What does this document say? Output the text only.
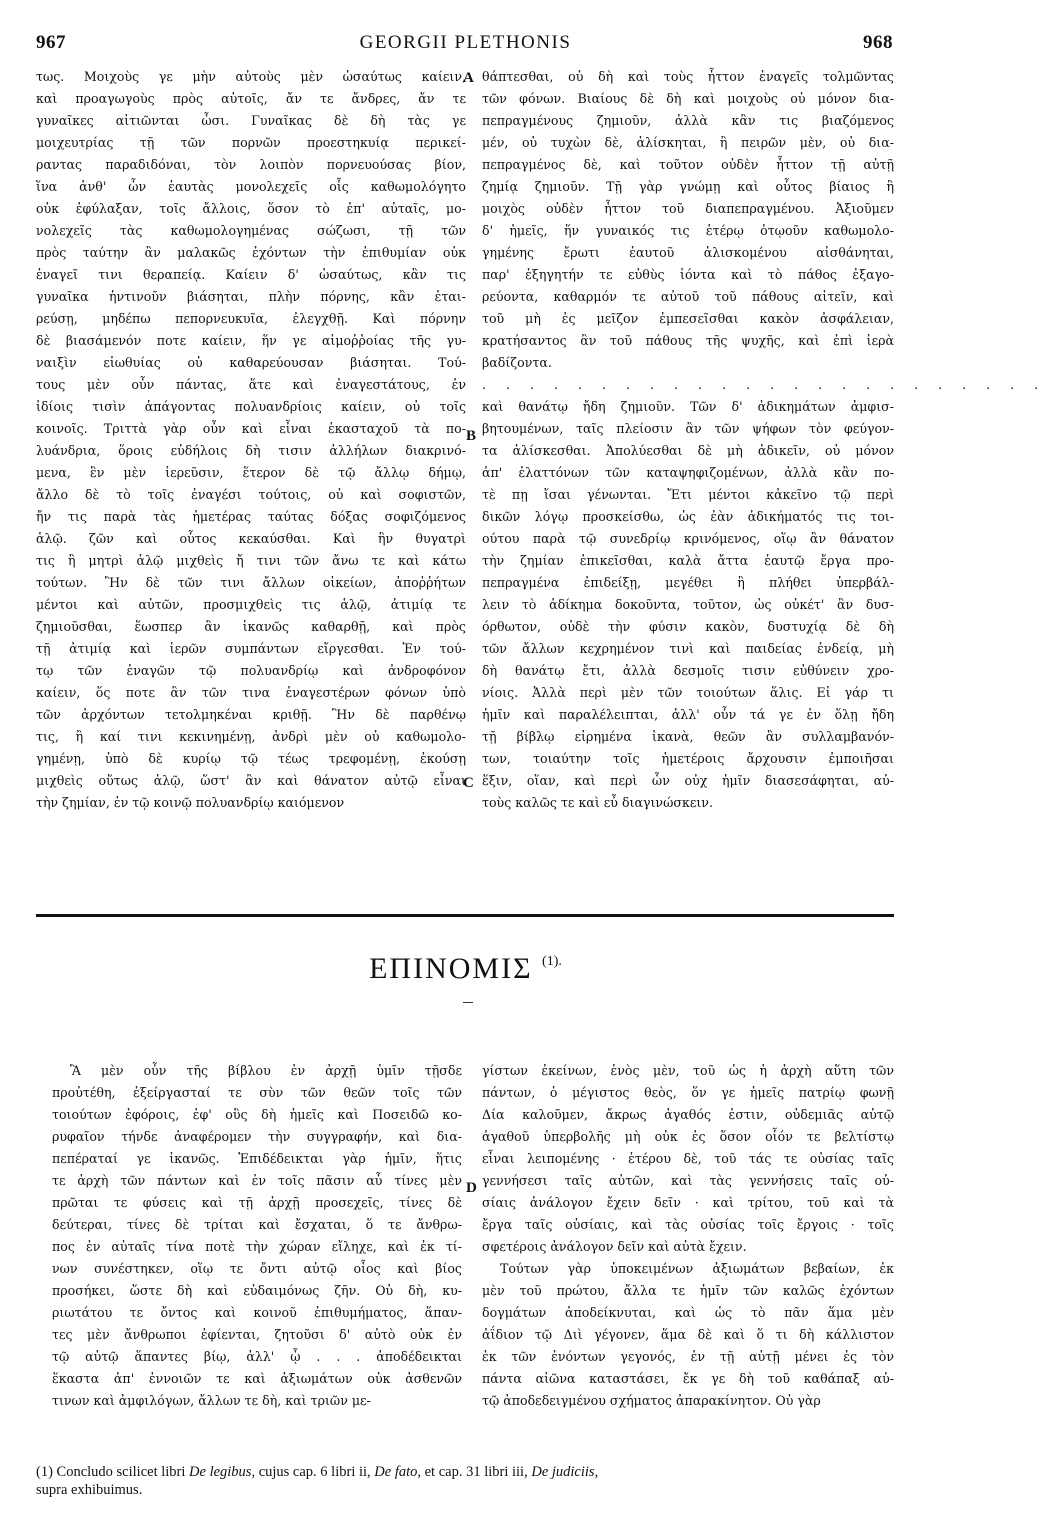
967	GEORGII PLETHONIS	968
A
B
C
D
τως. Μοιχοὺς γε μὴν αὐτοὺς μὲν ὡσαύτως καίειν,
καὶ προαγωγοὺς πρὸς αὐτοῖς, ἄν τε ἄνδρες, ἄν τε
γυναῖκες αἰτιῶνται ὦσι. Γυναῖκας δὲ δὴ τὰς γε
μοιχευτρίας τῇ τῶν πορνῶν προεστηκυίᾳ περικεί-
ραντας παραδιδόναι, τὸν λοιπὸν πορνευούσας βίον,
ἵνα ἀνθ' ὧν ἑαυτὰς μονολεχεῖς οἷς καθωμολόγητο
οὐκ ἐφύλαξαν, τοῖς ἄλλοις, ὅσον τὸ ἐπ' αὐταῖς, μο-
νολεχεῖς τὰς καθωμολογημένας σώζωσι, τῇ τῶν
πρὸς ταύτην ἂν μαλακῶς ἐχόντων τὴν ἐπιθυμίαν οὐκ
ἐναγεῖ τινι θεραπείᾳ. Καίειν δ' ὡσαύτως, κἂν τις
γυναῖκα ἡντινοῦν βιάσηται, πλὴν πόρνης, κἂν ἑται-
ρεύσῃ, μηδέπω πεπορνευκυῖα, ἐλεγχθῇ. Καὶ πόρνην
δὲ βιασάμενόν ποτε καίειν, ἥν γε αἱμοῤῥοίας τῆς γυ-
ναιξὶν εἰωθυίας οὐ καθαρεύουσαν βιάσηται. Τού-
τους μὲν οὖν πάντας, ἅτε καὶ ἐναγεστάτους, ἐν
ἰδίοις τισὶν ἀπάγοντας πολυανδρίοις καίειν, οὐ τοῖς
κοινοῖς. Τριττὰ γὰρ οὖν καὶ εἶναι ἑκασταχοῦ τὰ πο-
λυάνδρια, ὅροις εὐδήλοις δὴ τισιν ἀλλήλων διακρινό-
μενα, ἓν μὲν ἱερεῦσιν, ἕτερον δὲ τῷ ἄλλῳ δήμῳ,
ἄλλο δὲ τὸ τοῖς ἐναγέσι τούτοις, οὐ καὶ σοφιστῶν,
ἤν τις παρὰ τὰς ἡμετέρας ταύτας δόξας σοφιζόμενος
ἁλῷ. ζῶν καὶ οὗτος κεκαύσθαι. Καὶ ἣν θυγατρὶ
τις ἢ μητρὶ ἁλῷ μιχθεὶς ἤ τινι τῶν ἄνω τε καὶ κάτω
τούτων. Ἢν δὲ τῶν τινι ἄλλων οἰκείων, ἀποῤῥήτων
μέντοι καὶ αὐτῶν, προσμιχθεὶς τις ἁλῷ, ἀτιμίᾳ τε
ζημιοῦσθαι, ἕωσπερ ἂν ἱκανῶς καθαρθῇ, καὶ πρὸς
τῇ ἀτιμίᾳ καὶ ἱερῶν συμπάντων εἴργεσθαι. Ἐν τού-
τῳ τῶν ἐναγῶν τῷ πολυανδρίῳ καὶ ἀνδροφόνον
καίειν, ὅς ποτε ἂν τῶν τινα ἐναγεστέρων φόνων ὑπὸ
τῶν ἀρχόντων τετολμηκέναι κριθῇ. Ἢν δὲ παρθένῳ
τις, ἢ καί τινι κεκινημένῃ, ἀνδρὶ μὲν οὐ καθωμολο-
γημένῃ, ὑπὸ δὲ κυρίῳ τῷ τέως τρεφομένῃ, ἑκούσῃ
μιχθεὶς οὕτως ἁλῷ, ὥστ' ἂν καὶ θάνατον αὐτῷ εἶναι
τὴν ζημίαν, ἐν τῷ κοινῷ πολυανδρίῳ καιόμενον
θάπτεσθαι, οὐ δὴ καὶ τοὺς ἧττον ἐναγεῖς τολμῶντας
τῶν φόνων. Βιαίους δὲ δὴ καὶ μοιχοὺς οὐ μόνον δια-
πεπραγμένους ζημιοῦν, ἀλλὰ κἂν τις βιαζόμενος
μέν, οὐ τυχὼν δὲ, ἁλίσκηται, ἢ πειρῶν μὲν, οὐ δια-
πεπραγμένος δὲ, καὶ τοῦτον οὐδὲν ἧττον τῇ αὐτῇ
ζημίᾳ ζημιοῦν. Τῇ γὰρ γνώμῃ καὶ οὗτος βίαιος ἢ
μοιχὸς οὐδὲν ἧττον τοῦ διαπεπραγμένου. Ἀξιοῦμεν
δ' ἡμεῖς, ἥν γυναικός τις ἑτέρῳ ὁτῳοῦν καθωμολο-
γημένης ἔρωτι ἑαυτοῦ ἁλισκομένου αἰσθάνηται,
παρ' ἐξηγητήν τε εὐθὺς ἰόντα καὶ τὸ πάθος ἐξαγο-
ρεύοντα, καθαρμόν τε αὐτοῦ τοῦ πάθους αἰτεῖν, καὶ
τοῦ μὴ ἐς μεῖζον ἐμπεσεῖσθαι κακὸν ἀσφάλειαν,
κρατήσαντος ἂν τοῦ πάθους τῆς ψυχῆς, καὶ ἐπὶ ἱερὰ
βαδίζοντα.
. . . . . . . . . . . . . . . . . . . . . . . .
καὶ θανάτῳ ἤδη ζημιοῦν. Τῶν δ' ἀδικημάτων ἀμφισ-
βητουμένων, ταῖς πλείοσιν ἂν τῶν ψήφων τὸν φεύγον-
τα ἁλίσκεσθαι. Ἀπολύεσθαι δὲ μὴ ἀδικεῖν, οὐ μόνον
ἀπ' ἐλαττόνων τῶν καταψηφιζομένων, ἀλλὰ κἂν πο-
τὲ πῃ ἴσαι γένωνται. Ἔτι μέντοι κἀκεῖνο τῷ περὶ
δικῶν λόγῳ προσκείσθω, ὡς ἐὰν ἀδικήματός τις τοι-
ούτου παρὰ τῷ συνεδρίῳ κρινόμενος, οἵῳ ἂν θάνατον
τὴν ζημίαν ἐπικεῖσθαι, καλὰ ἄττα ἑαυτῷ ἔργα προ-
πεπραγμένα ἐπιδείξῃ, μεγέθει ἢ πλήθει ὑπερβάλ-
λειν τὸ ἀδίκημα δοκοῦντα, τοῦτον, ὡς οὐκέτ' ἂν δυσ-
όρθωτον, οὐδὲ τὴν φύσιν κακὸν, δυστυχίᾳ δὲ δὴ
τῶν ἄλλων κεχρημένον τινὶ καὶ παιδείας ἐνδείᾳ, μὴ
δὴ θανάτῳ ἔτι, ἀλλὰ δεσμοῖς τισιν εὐθύνειν χρο-
νίοις. Ἀλλὰ περὶ μὲν τῶν τοιούτων ἅλις. Εἰ γάρ τι
ἡμῖν καὶ παραλέλειπται, ἀλλ' οὖν τά γε ἐν ὅλῃ ἤδη
τῇ βίβλῳ εἰρημένα ἱκανὰ, θεῶν ἂν συλλαμβανόν-
των, τοιαύτην τοῖς ἡμετέροις ἄρχουσιν ἐμποιῆσαι
ἕξιν, οἵαν, καὶ περὶ ὧν οὐχ ἡμῖν διασεσάφηται, αὐ-
τοὺς καλῶς τε καὶ εὖ διαγινώσκειν.
ΕΠΙΝΟΜΙΣ $^{(1).}$
Ἃ μὲν οὖν τῆς βίβλου ἐν ἀρχῇ ὑμῖν τῇσδε
προὐτέθη, ἐξείργασταί τε σὺν τῶν θεῶν τοῖς τῶν
τοιούτων ἐφόροις, ἐφ' οὓς δὴ ἡμεῖς καὶ Ποσειδῶ κο-
ρυφαῖον τήνδε ἀναφέρομεν τὴν συγγραφήν, καὶ δια-
πεπέραταί γε ἱκανῶς. Ἐπιδέδεικται γὰρ ἡμῖν, ἥτις
τε ἀρχὴ τῶν πάντων καὶ ἐν τοῖς πᾶσιν αὖ τίνες μὲν
πρῶται τε φύσεις καὶ τῇ ἀρχῇ προσεχεῖς, τίνες δὲ
δεύτεραι, τίνες δὲ τρίται καὶ ἔσχαται, ὅ τε ἄνθρω-
πος ἐν αὐταῖς τίνα ποτὲ τὴν χώραν εἴληχε, καὶ ἐκ τί-
νων συνέστηκεν, οἵῳ τε ὄντι αὐτῷ οἷος καὶ βίος
προσήκει, ὥστε δὴ καὶ εὐδαιμόνως ζῆν. Οὐ δὴ, κυ-
ριωτάτου τε ὄντος καὶ κοινοῦ ἐπιθυμήματος, ἅπαν-
τες μὲν ἄνθρωποι ἐφίενται, ζητοῦσι δ' αὐτὸ οὐκ ἐν
τῷ αὐτῷ ἅπαντες βίῳ, ἀλλ' ᾧ . . . ἀποδέδεικται
ἕκαστα ἀπ' ἐννοιῶν τε καὶ ἀξιωμάτων οὐκ ἀσθενῶν
τινων καὶ ἀμφιλόγων, ἄλλων τε δὴ, καὶ τριῶν με-
γίστων ἐκείνων, ἑνὸς μὲν, τοῦ ὡς ἡ ἀρχὴ αὕτη τῶν
πάντων, ὁ μέγιστος θεὸς, ὅν γε ἡμεῖς πατρίῳ φωνῇ
Δία καλοῦμεν, ἄκρως ἀγαθός ἐστιν, οὐδεμιᾶς αὐτῷ
ἀγαθοῦ ὑπερβολῆς μὴ οὐκ ἐς ὅσον οἷόν τε βελτίστῳ
εἶναι λειπομένης · ἑτέρου δὲ, τοῦ τάς τε οὐσίας ταῖς
γεννήσεσι ταῖς αὐτῶν, καὶ τὰς γεννήσεις ταῖς οὐ-
σίαις ἀνάλογον ἔχειν δεῖν · καὶ τρίτου, τοῦ καὶ τὰ
ἔργα ταῖς οὐσίαις, καὶ τὰς οὐσίας τοῖς ἔργοις · τοῖς
σφετέροις ἀνάλογον δεῖν καὶ αὐτὰ ἔχειν.
Τούτων γὰρ ὑποκειμένων ἀξιωμάτων βεβαίων, ἐκ
μὲν τοῦ πρώτου, ἄλλα τε ἡμῖν τῶν καλῶς ἐχόντων
δογμάτων ἀποδείκνυται, καὶ ὡς τὸ πᾶν ἅμα μὲν
ἀΐδιον τῷ Διὶ γέγονεν, ἅμα δὲ καὶ ὅ τι δὴ κάλλιστον
ἐκ τῶν ἐνόντων γεγονός, ἐν τῇ αὐτῇ μένει ἐς τὸν
πάντα αἰῶνα καταστάσει, ἔκ γε δὴ τοῦ καθάπαξ αὐ-
τῷ ἀποδεδειγμένου σχήματος ἀπαρακίνητον. Οὐ γὰρ
(1) Concludo scilicet libri De legibus, cujus cap. 6 libri ii, De fato, et cap. 31 libri iii, De judiciis,
supra exhibuimus.
